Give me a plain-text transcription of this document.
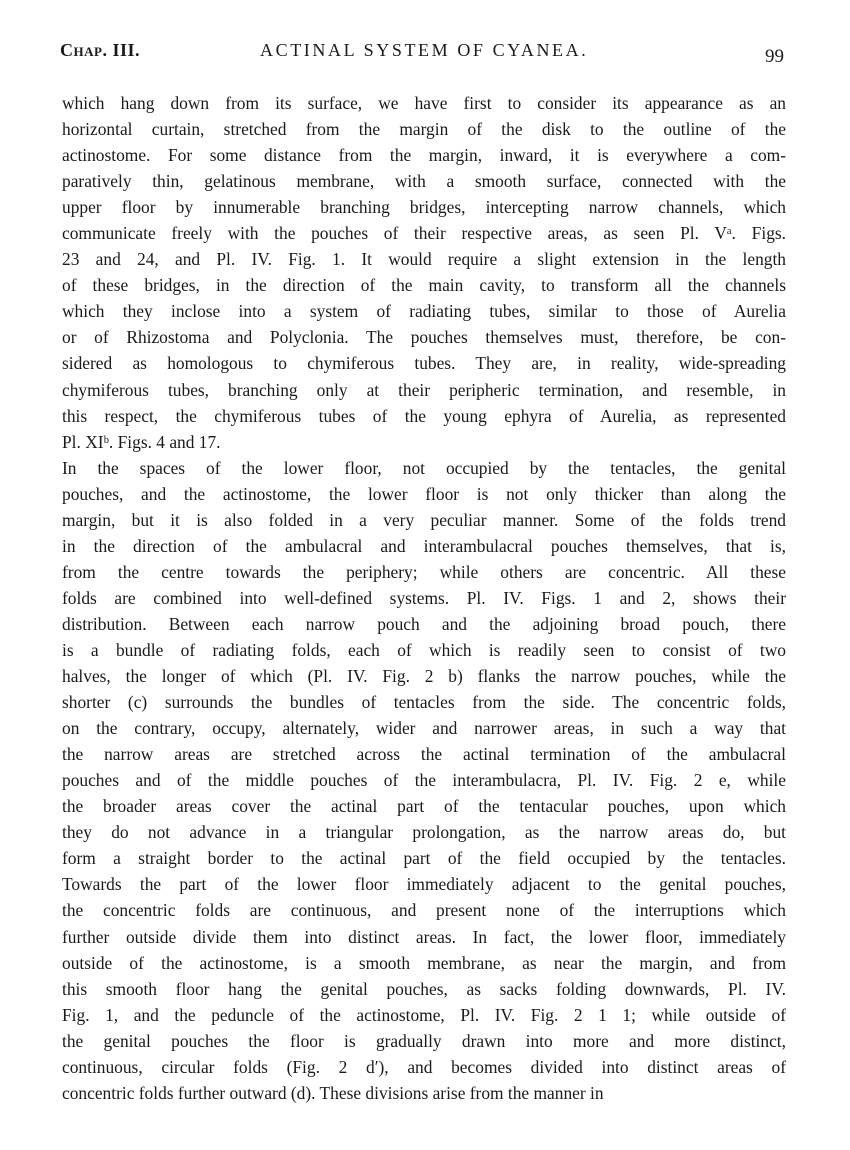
Chap. III.	ACTINAL SYSTEM OF CYANEA.	99
which hang down from its surface, we have first to consider its appearance as an
horizontal curtain, stretched from the margin of the disk to the outline of the
actinostome. For some distance from the margin, inward, it is everywhere a com-
paratively thin, gelatinous membrane, with a smooth surface, connected with the
upper floor by innumerable branching bridges, intercepting narrow channels, which
communicate freely with the pouches of their respective areas, as seen Pl. Vᵃ. Figs.
23 and 24, and Pl. IV. Fig. 1. It would require a slight extension in the length
of these bridges, in the direction of the main cavity, to transform all the channels
which they inclose into a system of radiating tubes, similar to those of Aurelia
or of Rhizostoma and Polyclonia. The pouches themselves must, therefore, be con-
sidered as homologous to chymiferous tubes. They are, in reality, wide-spreading
chymiferous tubes, branching only at their peripheric termination, and resemble, in
this respect, the chymiferous tubes of the young ephyra of Aurelia, as represented
Pl. XIᵇ. Figs. 4 and 17.
In the spaces of the lower floor, not occupied by the tentacles, the genital
pouches, and the actinostome, the lower floor is not only thicker than along the
margin, but it is also folded in a very peculiar manner. Some of the folds trend
in the direction of the ambulacral and interambulacral pouches themselves, that is,
from the centre towards the periphery; while others are concentric. All these
folds are combined into well-defined systems. Pl. IV. Figs. 1 and 2, shows their
distribution. Between each narrow pouch and the adjoining broad pouch, there
is a bundle of radiating folds, each of which is readily seen to consist of two
halves, the longer of which (Pl. IV. Fig. 2 b) flanks the narrow pouches, while the
shorter (c) surrounds the bundles of tentacles from the side. The concentric folds,
on the contrary, occupy, alternately, wider and narrower areas, in such a way that
the narrow areas are stretched across the actinal termination of the ambulacral
pouches and of the middle pouches of the interambulacra, Pl. IV. Fig. 2 e, while
the broader areas cover the actinal part of the tentacular pouches, upon which
they do not advance in a triangular prolongation, as the narrow areas do, but
form a straight border to the actinal part of the field occupied by the tentacles.
Towards the part of the lower floor immediately adjacent to the genital pouches,
the concentric folds are continuous, and present none of the interruptions which
further outside divide them into distinct areas. In fact, the lower floor, immediately
outside of the actinostome, is a smooth membrane, as near the margin, and from
this smooth floor hang the genital pouches, as sacks folding downwards, Pl. IV.
Fig. 1, and the peduncle of the actinostome, Pl. IV. Fig. 2 1 1; while outside of
the genital pouches the floor is gradually drawn into more and more distinct,
continuous, circular folds (Fig. 2 d′), and becomes divided into distinct areas of
concentric folds further outward (d). These divisions arise from the manner in
